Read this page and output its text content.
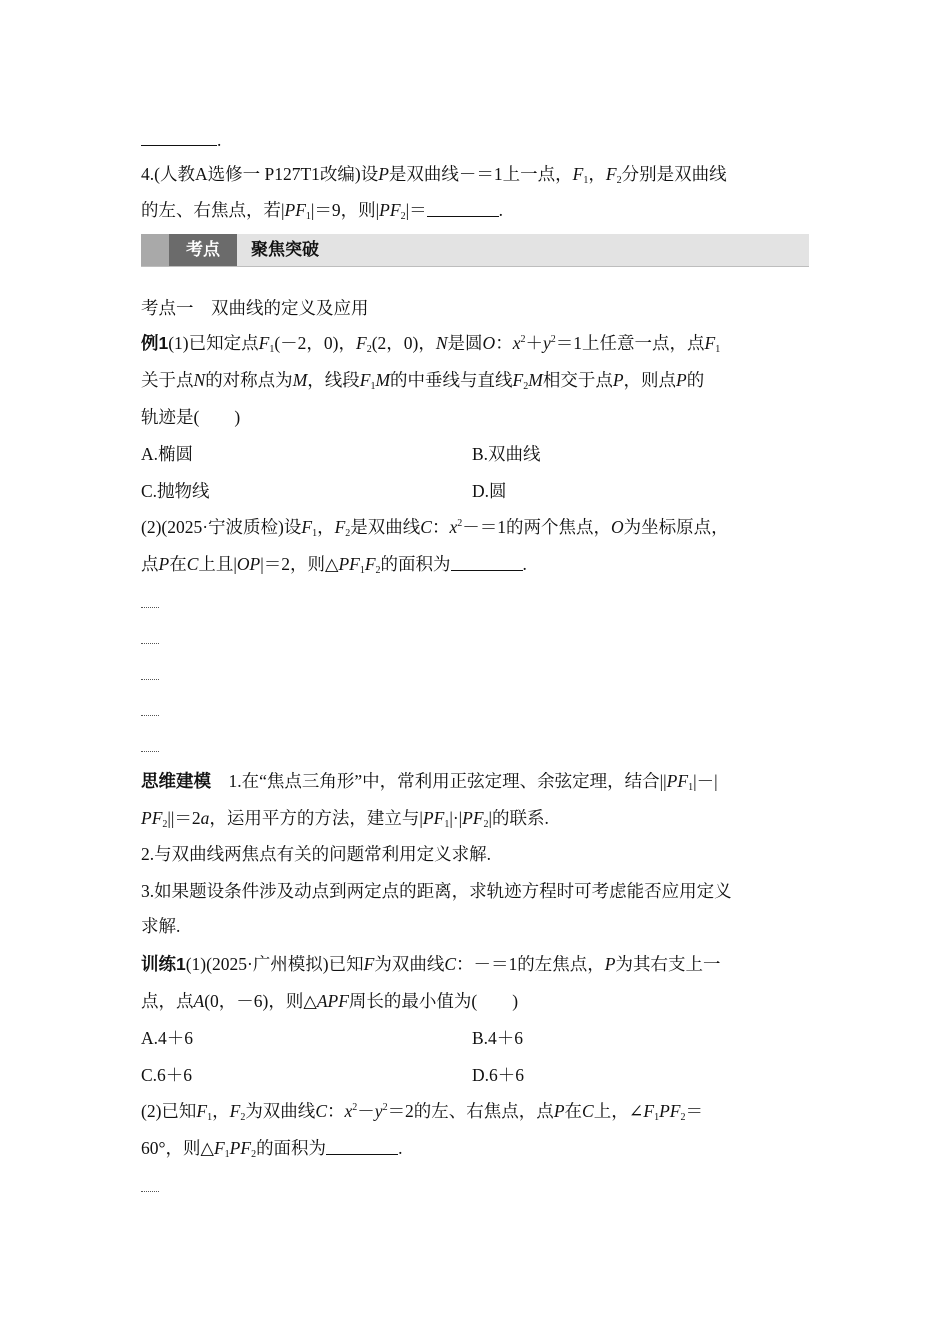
.
4.(人教A选修一 P127T1改编)设P是双曲线－＝1上一点，$F_1$，$F_2$分别是双曲线
的左、右焦点，若$|PF_1|=9$，则$|PF_2|=$	.
考点	聚焦突破
考点一　双曲线的定义及应用
例1(1)已知定点$F_1(-2$，0)，$F_2(2$，0)，N是圆O：$x^2+y^2=1$上任意一点，点$F_1$
关于点N的对称点为M，线段$F_1M$的中垂线与直线$F_2M$相交于点P，则点P的
轨迹是(　　)
A.椭圆	B.双曲线
C.抛物线	D.圆
(2)(2025·宁波质检)设$F_1$，$F_2$是双曲线C：$x^2-=1$的两个焦点，O为坐标原点，
点P在C上且|OP|＝2，则$\triangle PF_1F_2$的面积为	.
思维建模　 1.在“焦点三角形”中，常利用正弦定理、余弦定理，结合$||PF_1|-|$
$PF_2||=2a$，运用平方的方法，建立与$|PF_1|\cdot|PF_2|$的联系.
2.与双曲线两焦点有关的问题常利用定义求解.
3.如果题设条件涉及动点到两定点的距离，求轨迹方程时可考虑能否应用定义
求解.
训练1(1)(2025·广州模拟)已知F为双曲线C：－＝1的左焦点，P为其右支上一
点，点A(0，－6)，则△APF周长的最小值为(　　)
A.4＋6	B.4＋6
C.6＋6	D.6＋6
(2)已知$F_1$，$F_2$为双曲线C：$x^2-y^2=2$的左、右焦点，点P在C上，$\angle F_1PF_2=$
60°，则$\triangle F_1PF_2$的面积为	.
